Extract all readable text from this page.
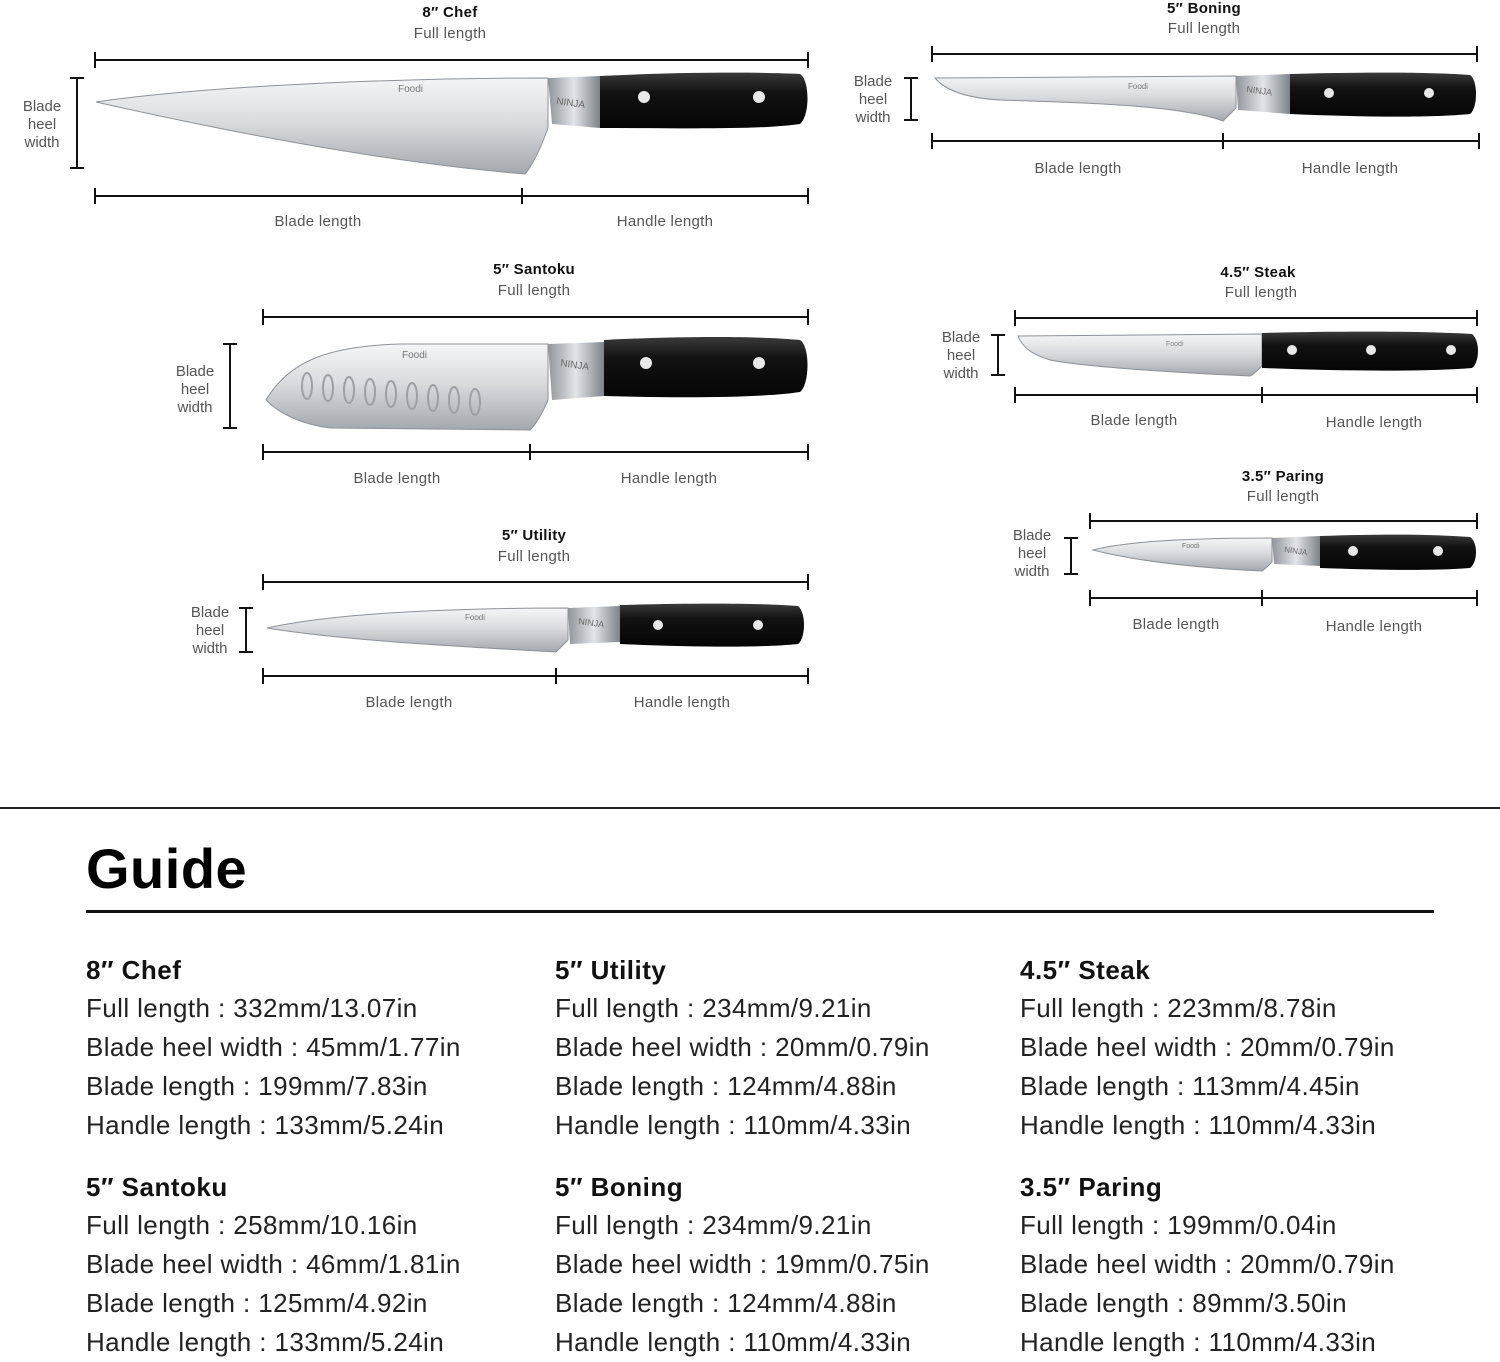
Foodi
NINJA
Foodi
NINJA
Foodi	NINJA
Foodi	NINJA
Foodi
Foodi	NINJA
8″ Chef
Full length
Blade
heel
width
Blade length	Handle length
5″ Santoku
Full length
Blade
heel
width
Blade length	Handle length
5″ Utility
Full length
Blade
heel
width
Blade length	Handle length
5″ Boning
Full length
Blade
heel
width
Blade length	Handle length
4.5″ Steak
Full length
Blade
heel
width
Blade length	Handle length
3.5″ Paring
Full length
Blade
heel
width
Blade length	Handle length
Guide
8″ Chef
Full length : 332mm/13.07in
Blade heel width : 45mm/1.77in
Blade length : 199mm/7.83in
Handle length : 133mm/5.24in
5″ Utility
Full length : 234mm/9.21in
Blade heel width : 20mm/0.79in
Blade length : 124mm/4.88in
Handle length : 110mm/4.33in
4.5″ Steak
Full length : 223mm/8.78in
Blade heel width : 20mm/0.79in
Blade length : 113mm/4.45in
Handle length : 110mm/4.33in
5″ Santoku
Full length : 258mm/10.16in
Blade heel width : 46mm/1.81in
Blade length : 125mm/4.92in
Handle length : 133mm/5.24in
5″ Boning
Full length : 234mm/9.21in
Blade heel width : 19mm/0.75in
Blade length : 124mm/4.88in
Handle length : 110mm/4.33in
3.5″ Paring
Full length : 199mm/0.04in
Blade heel width : 20mm/0.79in
Blade length : 89mm/3.50in
Handle length : 110mm/4.33in
